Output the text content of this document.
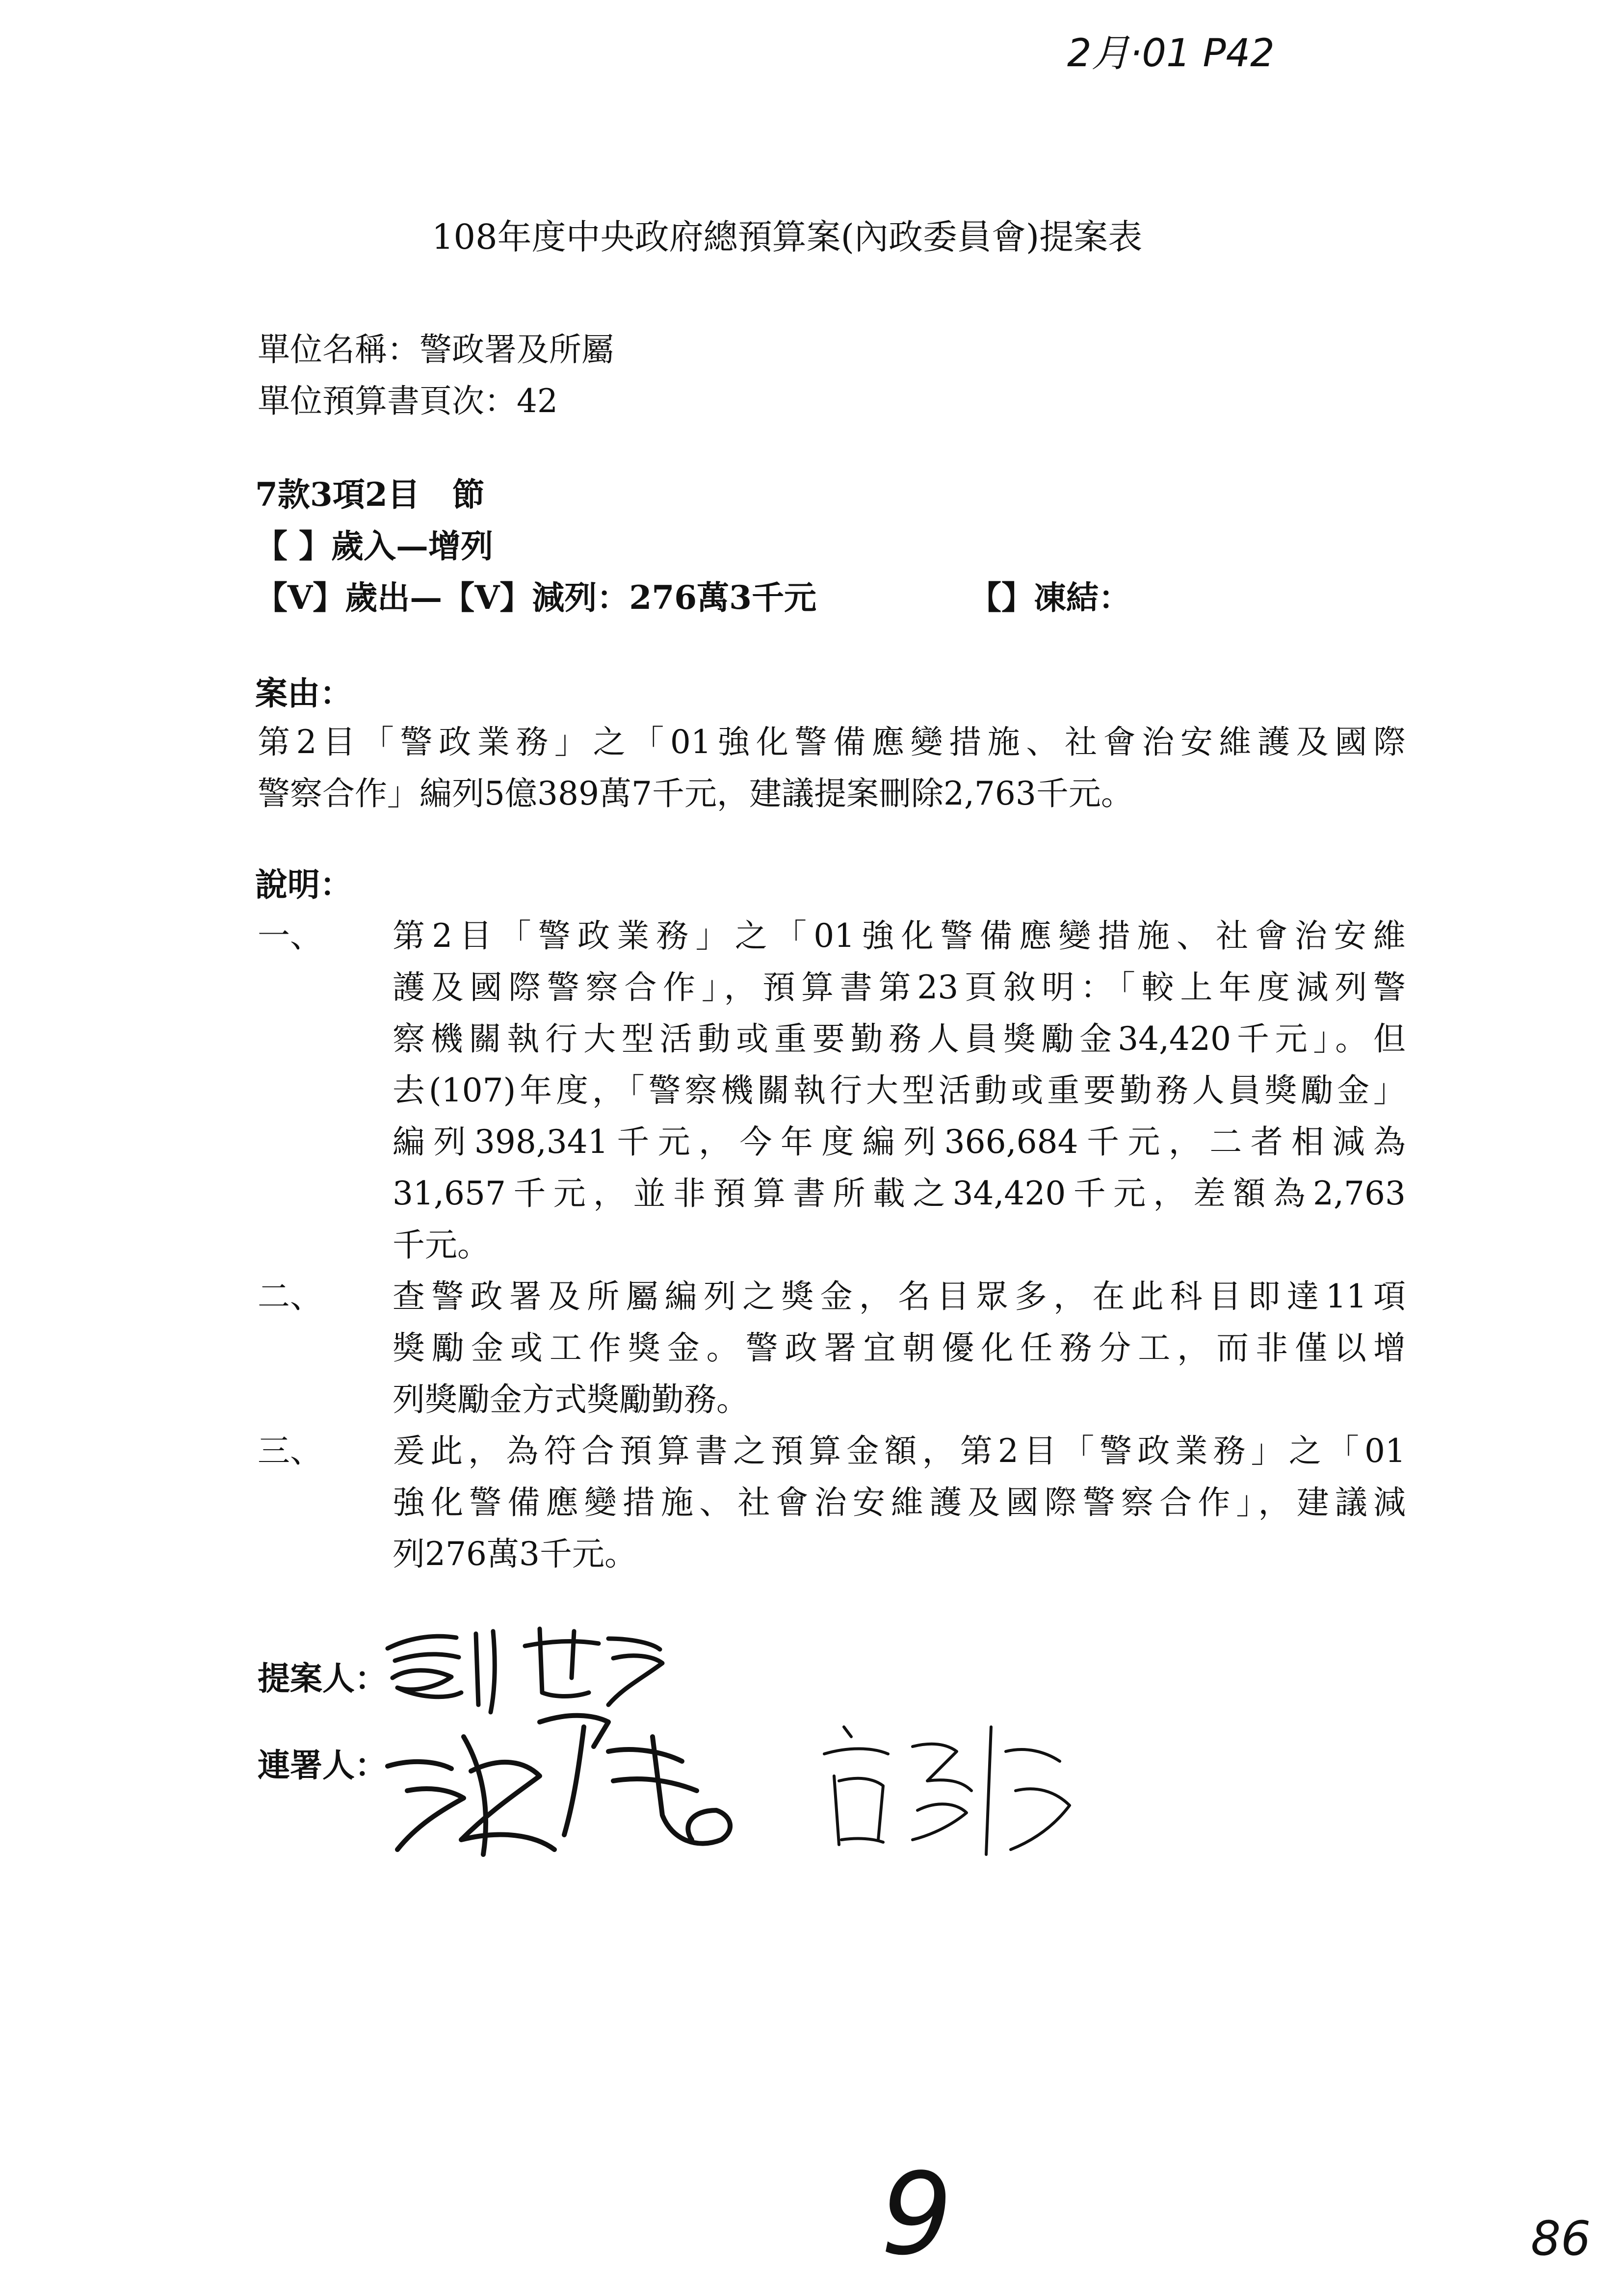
2月·01 P42
108年度中央政府總預算案(內政委員會)提案表
單位名稱：警政署及所屬
單位預算書頁次：42
7款3項2目　節
【 】歲入—增列
【V】歲出—【V】減列：276萬3千元	【】凍結：
案由：
第2目「警政業務」之「01強化警備應變措施、社會治安維護及國際
警察合作」編列5億389萬7千元，建議提案刪除2,763千元。
說明：
一、 第2目「警政業務」之「01強化警備應變措施、社會治安維
護及國際警察合作」，預算書第23頁敘明：「較上年度減列警
察機關執行大型活動或重要勤務人員獎勵金34,420千元」。但
去(107)年度，「警察機關執行大型活動或重要勤務人員獎勵金」
編列398,341千元，今年度編列366,684千元，二者相減為
31,657千元，並非預算書所載之34,420千元，差額為2,763
千元。
二、 查警政署及所屬編列之獎金，名目眾多，在此科目即達11項
獎勵金或工作獎金。警政署宜朝優化任務分工，而非僅以增
列獎勵金方式獎勵勤務。
三、 爰此，為符合預算書之預算金額，第2目「警政業務」之「01
強化警備應變措施、社會治安維護及國際警察合作」，建議減
列276萬3千元。
提案人：
連署人：
9	86
